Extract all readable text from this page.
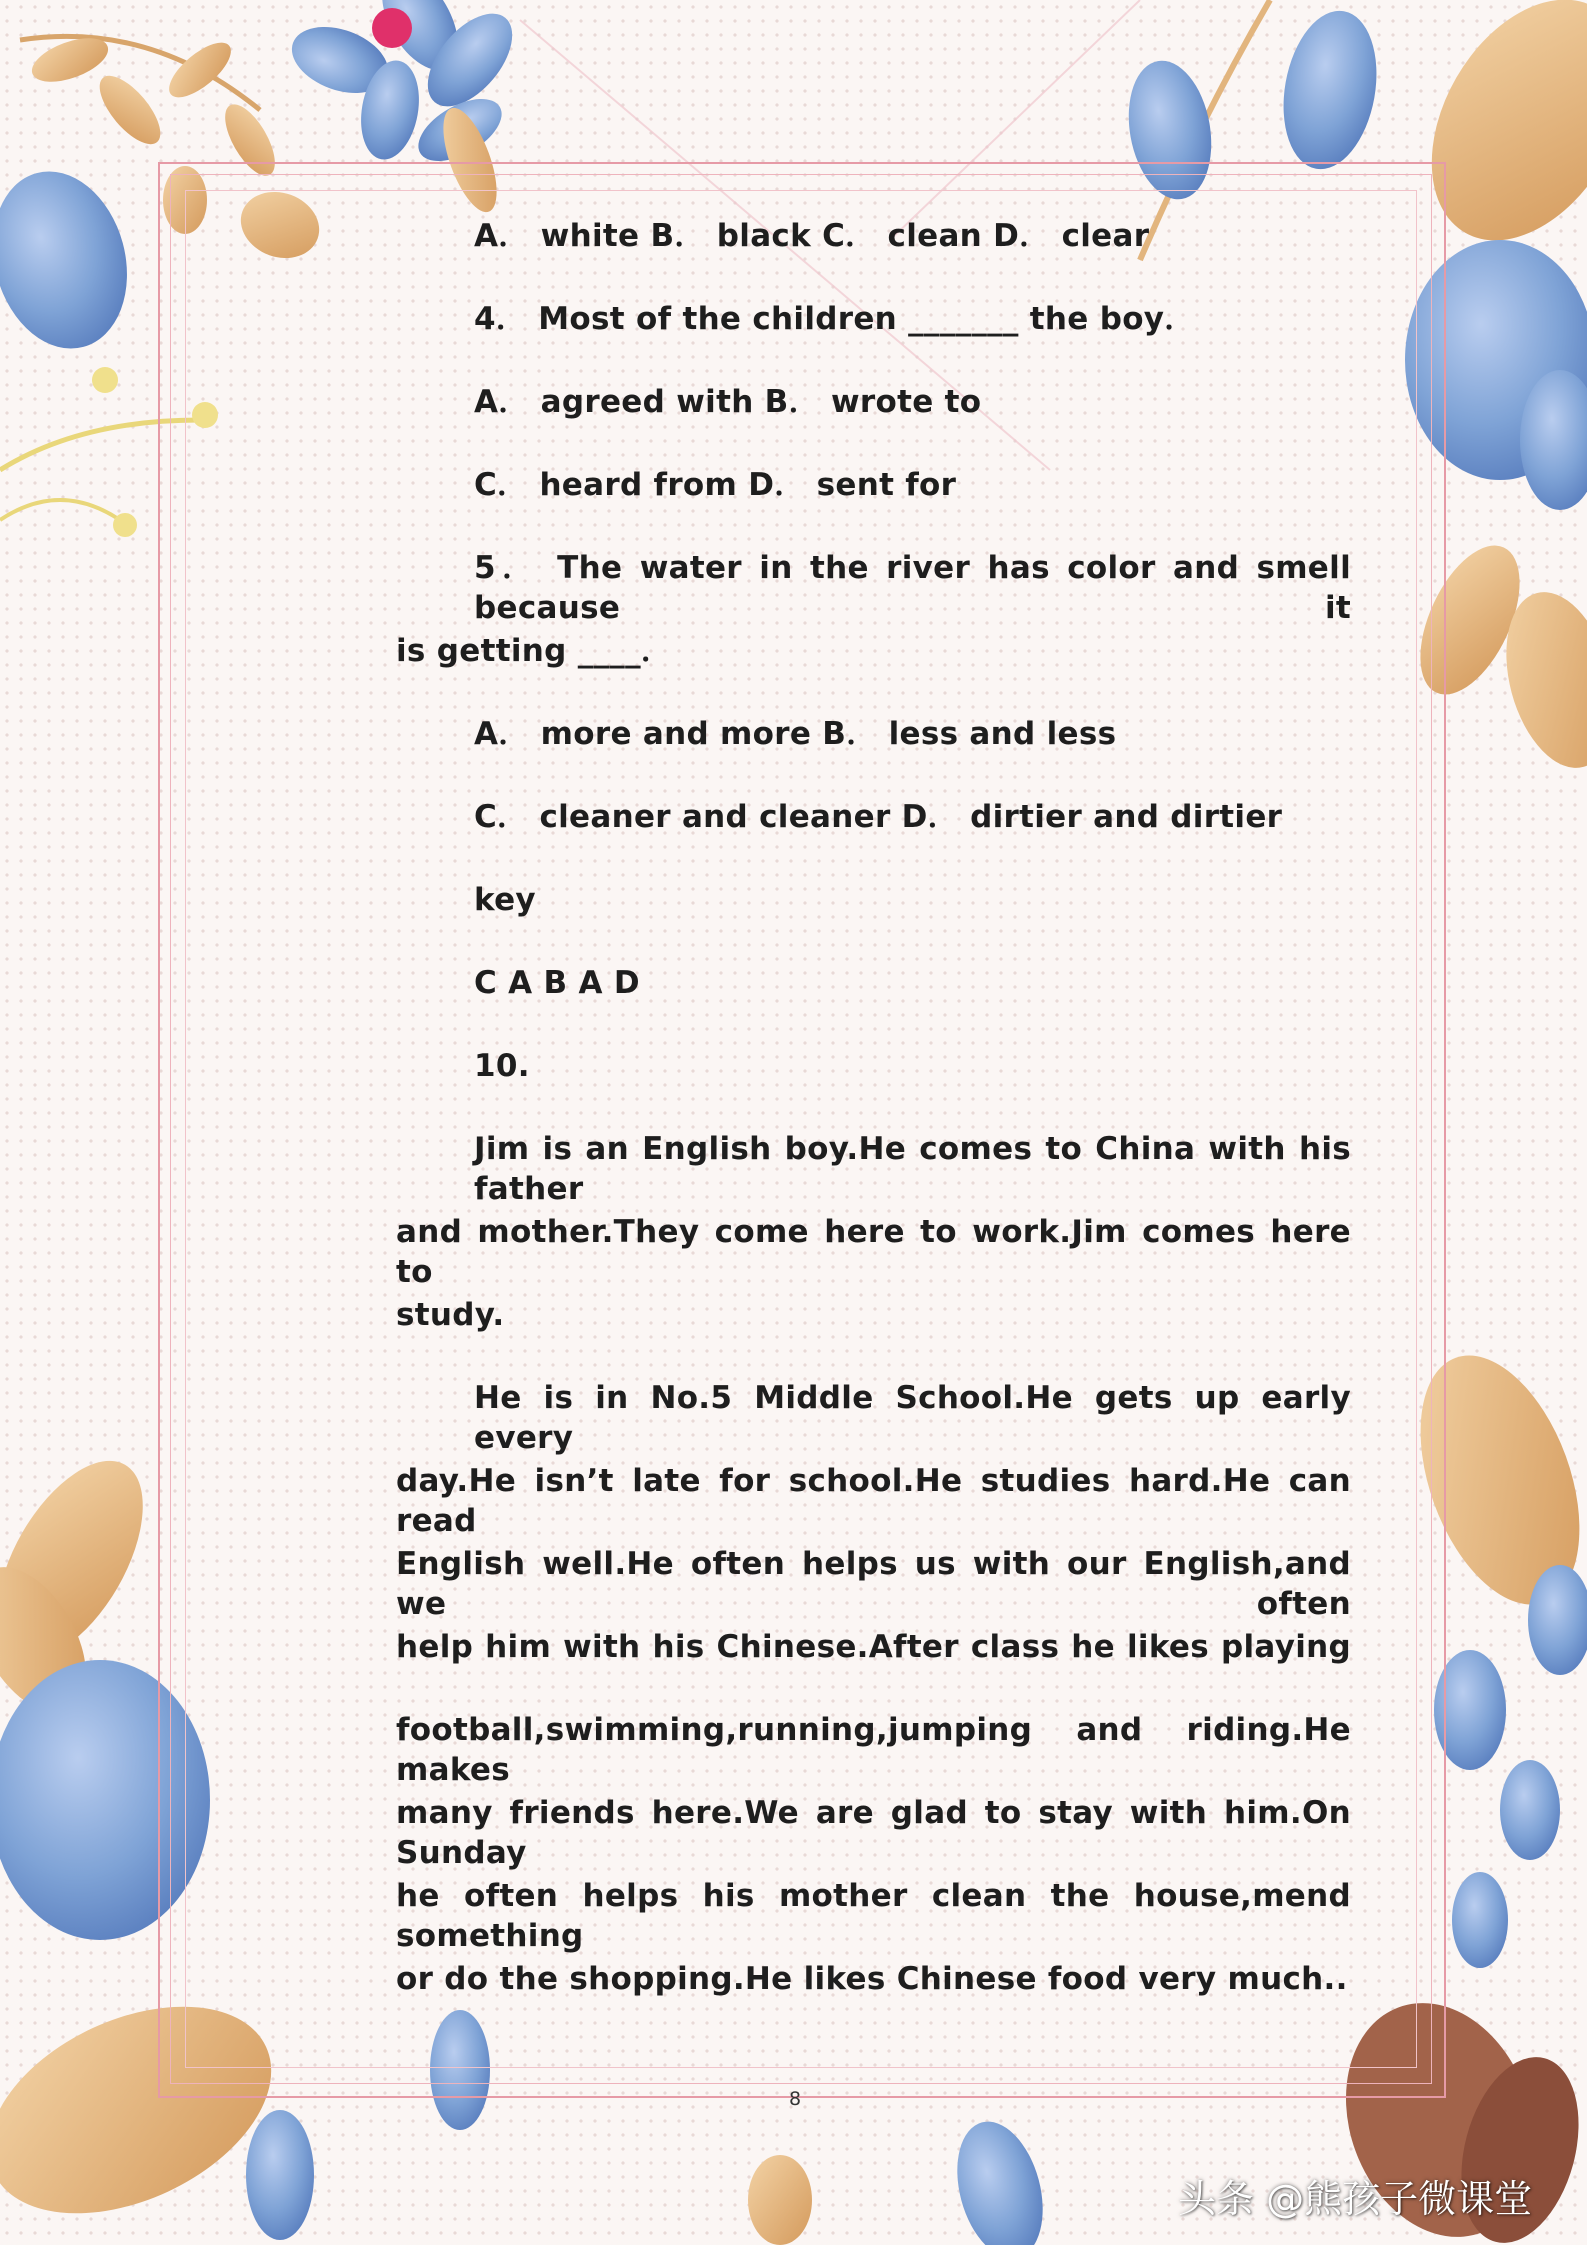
A． white B． black C． clean D． clear
4． Most of the children _______ the boy．
A． agreed with B． wrote to
C． heard from D． sent for
5． The water in the river has color and smell because it
is getting ____．
A． more and more B． less and less
C． cleaner and cleaner D． dirtier and dirtier
key
C A B A D
10.
Jim is an English boy.He comes to China with his father
and mother.They come here to work.Jim comes here to
study.
He is in No.5 Middle School.He gets up early every
day.He isn’t late for school.He studies hard.He can read
English well.He often helps us with our English,and we often
help him with his Chinese.After class he likes playing
football,swimming,running,jumping and riding.He makes
many friends here.We are glad to stay with him.On Sunday
he often helps his mother clean the house,mend something
or do the shopping.He likes Chinese food very much..
8
头条 @熊孩子微课堂
